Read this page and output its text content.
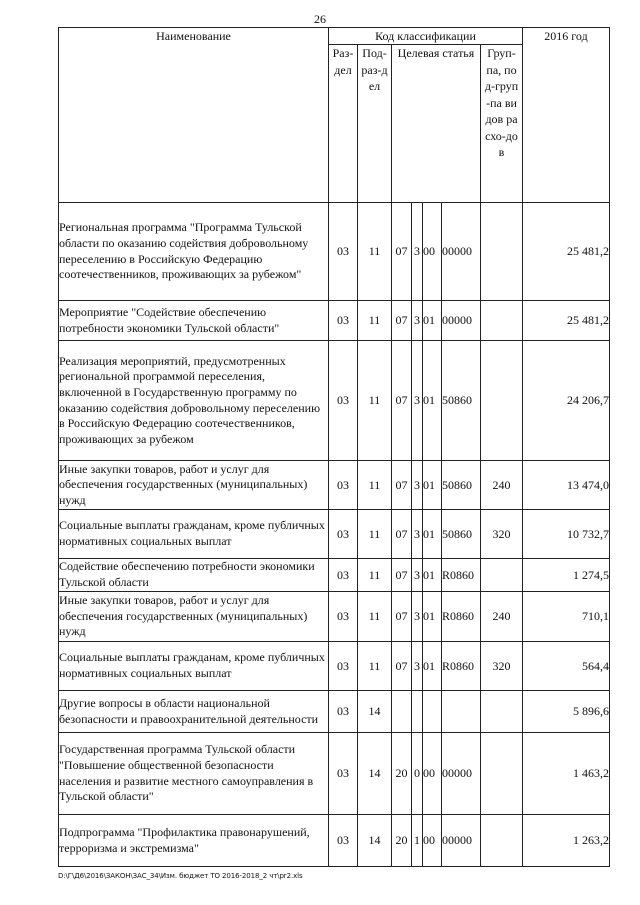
26
Наименование	Код классификации							2016 год

	Раз-дел	Под-раз-дел	Целевая статья				Груп-па, под-груп-па видов расхо-дов	

Региональная программа "Программа Тульской области по оказанию содействия добровольному переселению в Российскую Федерацию соотечественников, проживающих за рубежом"	03	11	07	3	00	00000		25 481,2
Мероприятие "Содействие обеспечению потребности экономики Тульской области"	03	11	07	3	01	00000		25 481,2
Реализация мероприятий, предусмотренных региональной программой переселения, включенной в Государственную программу по оказанию содействия добровольному переселению в Российскую Федерацию соотечественников, проживающих за рубежом	03	11	07	3	01	50860		24 206,7
Иные закупки товаров, работ и услуг для обеспечения государственных (муниципальных) нужд	03	11	07	3	01	50860	240	13 474,0
Социальные выплаты гражданам, кроме публичных нормативных социальных выплат	03	11	07	3	01	50860	320	10 732,7
Содействие обеспечению потребности экономики Тульской области	03	11	07	3	01	R0860		1 274,5
Иные закупки товаров, работ и услуг для обеспечения государственных (муниципальных) нужд	03	11	07	3	01	R0860	240	710,1
Социальные выплаты гражданам, кроме публичных нормативных социальных выплат	03	11	07	3	01	R0860	320	564,4
Другие вопросы в области национальной безопасности и правоохранительной деятельности	03	14						5 896,6
Государственная программа Тульской области "Повышение общественной безопасности населения и развитие местного самоуправления в Тульской области"	03	14	20	0	00	00000		1 463,2
Подпрограмма "Профилактика правонарушений, терроризма и экстремизма"	03	14	20	1	00	00000		1 263,2
D:\Г\Д6\2016\ЗАКОН\ЗАС_34\Изм. бюджет ТО 2016-2018_2 чт\pr2.xls
